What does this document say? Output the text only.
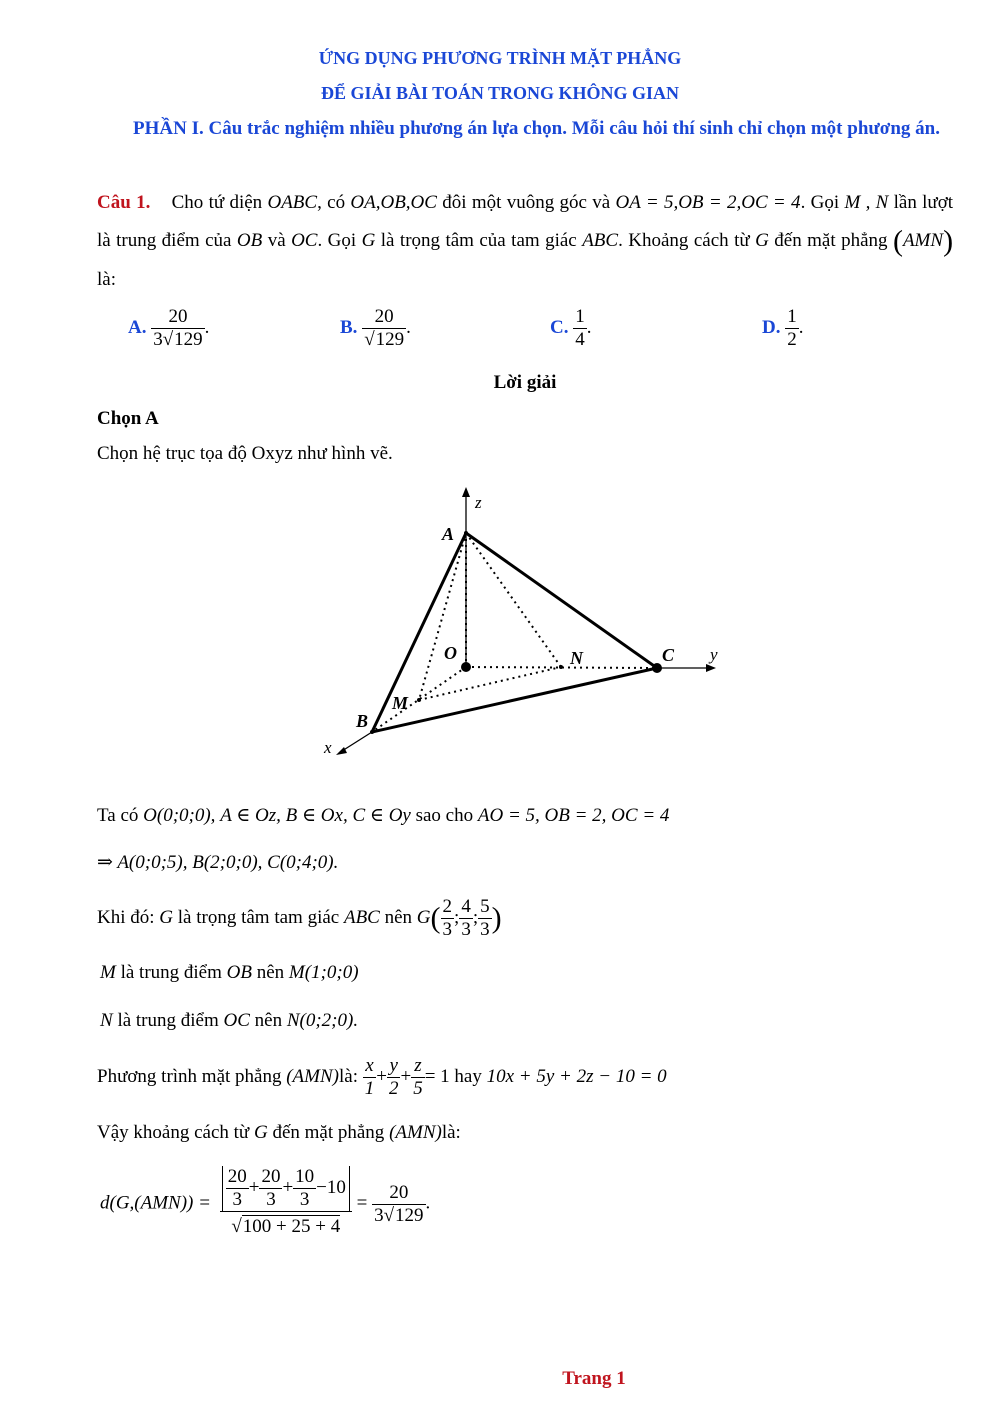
ỨNG DỤNG PHƯƠNG TRÌNH MẶT PHẲNG
ĐỂ GIẢI BÀI TOÁN TRONG KHÔNG GIAN
PHẦN I. Câu trắc nghiệm nhiều phương án lựa chọn. Mỗi câu hỏi thí sinh chỉ chọn một phương án.
Câu 1. Cho tứ diện OABC, có OA,OB,OC đôi một vuông góc và OA = 5,OB = 2,OC = 4. Gọi M , N lần lượt là trung điểm của OB và OC. Gọi G là trọng tâm của tam giác ABC. Khoảng cách từ G đến mặt phẳng (AMN) là:
A. $\frac{20}{3√129}$ .	B. $\frac{20}{√129}$ .	C. $\frac{1}{4}$ .	D. $\frac{1}{2}$ .
Lời giải
Chọn A
Chọn hệ trục tọa độ Oxyz như hình vẽ.
A
B
C
O
M
N
z
y
x
Ta có O(0;0;0), A ∈ Oz, B ∈ Ox, C ∈ Oy sao cho AO = 5, OB = 2, OC = 4
⇒ A(0;0;5), B(2;0;0), C(0;4;0).
Khi đó: G là trọng tâm tam giác ABC nên $G( \frac{2}{3}$ ; $\frac{4}{3}$ ; $\frac{5}{3}$ )
M là trung điểm OB nên M(1;0;0)
N là trung điểm OC nên N(0;2;0).
Phương trình mặt phẳng (AMN)là: $\frac{x}{1} + \frac{y}{2} + \frac{z}{5} = 1$ hay 10x + 5y + 2z − 10 = 0
Vậy khoảng cách từ G đến mặt phẳng (AMN)là:
$d(G,(AMN)) = \frac{\frac{20}{3} + \frac{20}{3} + \frac{10}{3} -10}{√100 + 25 + 4} = \frac{20}{3√129}$ .
Trang 1
